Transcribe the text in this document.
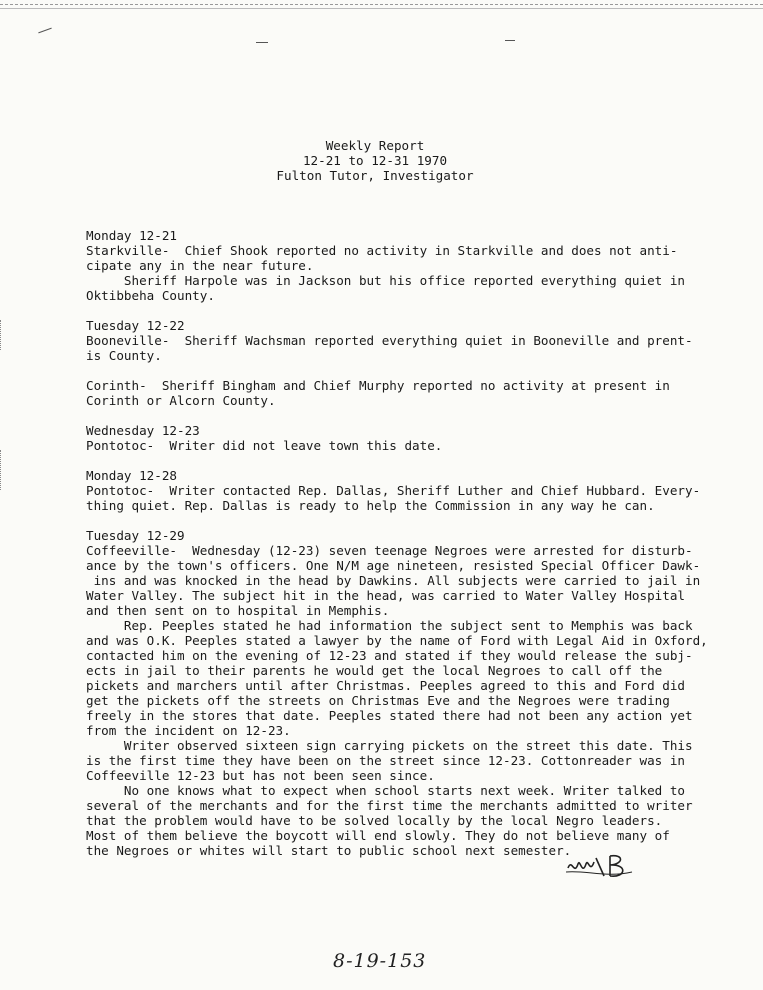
Weekly Report
12-21 to 12-31 1970
Fulton Tutor, Investigator
Monday 12-21
Starkville-  Chief Shook reported no activity in Starkville and does not anti-
cipate any in the near future.
Sheriff Harpole was in Jackson but his office reported everything quiet in
Oktibbeha County.
Tuesday 12-22
Booneville-  Sheriff Wachsman reported everything quiet in Booneville and prent-
is County.
Corinth-  Sheriff Bingham and Chief Murphy reported no activity at present in
Corinth or Alcorn County.
Wednesday 12-23
Pontotoc-  Writer did not leave town this date.
Monday 12-28
Pontotoc-  Writer contacted Rep. Dallas, Sheriff Luther and Chief Hubbard. Every-
thing quiet. Rep. Dallas is ready to help the Commission in any way he can.
Tuesday 12-29
Coffeeville-  Wednesday (12-23) seven teenage Negroes were arrested for disturb-
ance by the town's officers. One N/M age nineteen, resisted Special Officer Dawk-
ins and was knocked in the head by Dawkins. All subjects were carried to jail in
Water Valley. The subject hit in the head, was carried to Water Valley Hospital
and then sent on to hospital in Memphis.
Rep. Peeples stated he had information the subject sent to Memphis was back
and was O.K. Peeples stated a lawyer by the name of Ford with Legal Aid in Oxford,
contacted him on the evening of 12-23 and stated if they would release the subj-
ects in jail to their parents he would get the local Negroes to call off the
pickets and marchers until after Christmas. Peeples agreed to this and Ford did
get the pickets off the streets on Christmas Eve and the Negroes were trading
freely in the stores that date. Peeples stated there had not been any action yet
from the incident on 12-23.
Writer observed sixteen sign carrying pickets on the street this date. This
is the first time they have been on the street since 12-23. Cottonreader was in
Coffeeville 12-23 but has not been seen since.
No one knows what to expect when school starts next week. Writer talked to
several of the merchants and for the first time the merchants admitted to writer
that the problem would have to be solved locally by the local Negro leaders.
Most of them believe the boycott will end slowly. They do not believe many of
the Negroes or whites will start to public school next semester.
8-19-153
